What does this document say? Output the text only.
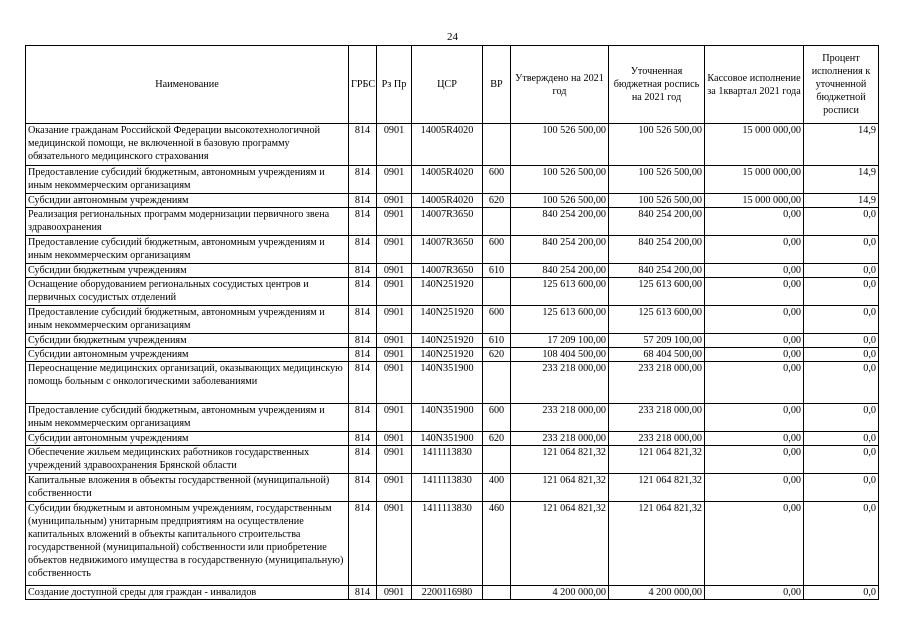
24
Наименование	ГРБС	Рз Пр	ЦСР	ВР	Утверждено на 2021 год	Уточненная бюджетная роспись на 2021 год	Кассовое исполнение за 1квартал 2021 года	Процент исполнения к уточненной бюджетной росписи
Оказание гражданам Российской Федерации высокотехнологичной медицинской помощи, не включенной в базовую программу обязательного медицинского страхования	814	0901	14005R4020		100 526 500,00	100 526 500,00	15 000 000,00	14,9
Предоставление субсидий бюджетным, автономным учреждениям и иным некоммерческим организациям	814	0901	14005R4020	600	100 526 500,00	100 526 500,00	15 000 000,00	14,9
Субсидии автономным учреждениям	814	0901	14005R4020	620	100 526 500,00	100 526 500,00	15 000 000,00	14,9
Реализация региональных программ модернизации первичного звена здравоохранения	814	0901	14007R3650		840 254 200,00	840 254 200,00	0,00	0,0
Предоставление субсидий бюджетным, автономным учреждениям и иным некоммерческим организациям	814	0901	14007R3650	600	840 254 200,00	840 254 200,00	0,00	0,0
Субсидии бюджетным учреждениям	814	0901	14007R3650	610	840 254 200,00	840 254 200,00	0,00	0,0
Оснащение оборудованием региональных сосудистых центров и первичных сосудистых отделений	814	0901	140N251920		125 613 600,00	125 613 600,00	0,00	0,0
Предоставление субсидий бюджетным, автономным учреждениям и иным некоммерческим организациям	814	0901	140N251920	600	125 613 600,00	125 613 600,00	0,00	0,0
Субсидии бюджетным учреждениям	814	0901	140N251920	610	17 209 100,00	57 209 100,00	0,00	0,0
Субсидии автономным учреждениям	814	0901	140N251920	620	108 404 500,00	68 404 500,00	0,00	0,0
Переоснащение медицинских организаций, оказывающих медицинскую помощь больным с онкологическими заболеваниями	814	0901	140N351900		233 218 000,00	233 218 000,00	0,00	0,0
Предоставление субсидий бюджетным, автономным учреждениям и иным некоммерческим организациям	814	0901	140N351900	600	233 218 000,00	233 218 000,00	0,00	0,0
Субсидии автономным учреждениям	814	0901	140N351900	620	233 218 000,00	233 218 000,00	0,00	0,0
Обеспечение жильем медицинских работников государственных учреждений здравоохранения Брянской области	814	0901	1411113830		121 064 821,32	121 064 821,32	0,00	0,0
Капитальные вложения в объекты государственной (муниципальной) собственности	814	0901	1411113830	400	121 064 821,32	121 064 821,32	0,00	0,0
Субсидии бюджетным и автономным учреждениям, государственным (муниципальным) унитарным предприятиям на осуществление капитальных вложений в объекты капитального строительства государственной (муниципальной) собственности или приобретение объектов недвижимого имущества в государственную (муниципальную) собственность	814	0901	1411113830	460	121 064 821,32	121 064 821,32	0,00	0,0
Создание доступной среды для граждан - инвалидов	814	0901	2200116980		4 200 000,00	4 200 000,00	0,00	0,0
